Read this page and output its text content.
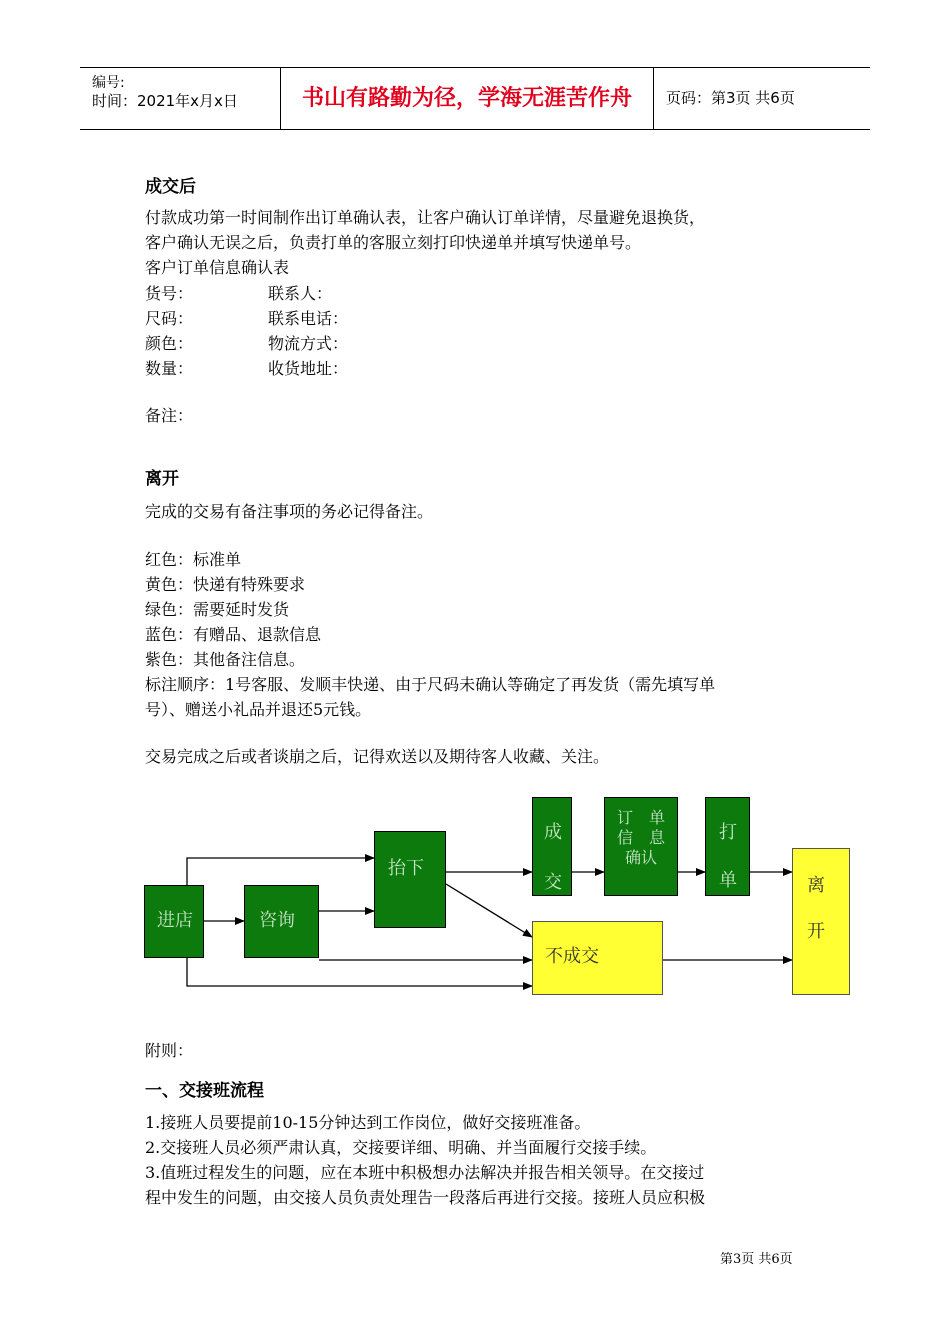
编号:
时间：2021年x月x日	书山有路勤为径，学海无涯苦作舟	页码：第3页 共6页
成交后
付款成功第一时间制作出订单确认表，让客户确认订单详情，尽量避免退换货，
客户确认无误之后，负责打单的客服立刻打印快递单并填写快递单号。
客户订单信息确认表
货号：	联系人：
尺码：	联系电话：
颜色：	物流方式：
数量：	收货地址：
备注：
离开
完成的交易有备注事项的务必记得备注。
红色：标准单
黄色：快递有特殊要求
绿色：需要延时发货
蓝色：有赠品、退款信息
紫色：其他备注信息。
标注顺序：1号客服、发顺丰快递、由于尺码未确认等确定了再发货（需先填写单
号）、赠送小礼品并退还5元钱。
交易完成之后或者谈崩之后，记得欢送以及期待客人收藏、关注。
进店	咨询
抬下
成
交
订　单
信　息
确认
打
单
不成交
离
开
附则：
一、交接班流程
1.接班人员要提前10-15分钟达到工作岗位，做好交接班准备。
2.交接班人员必须严肃认真，交接要详细、明确、并当面履行交接手续。
3.值班过程发生的问题，应在本班中积极想办法解决并报告相关领导。在交接过
程中发生的问题，由交接人员负责处理告一段落后再进行交接。接班人员应积极
第3页 共6页
